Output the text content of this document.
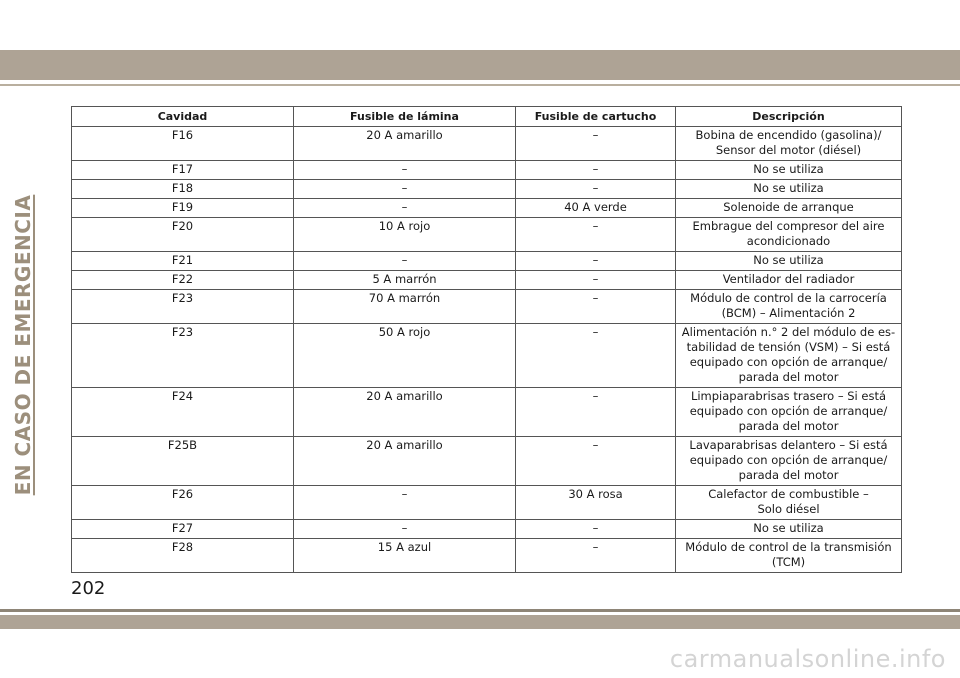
EN CASO DE EMERGENCIA
Cavidad	Fusible de lámina	Fusible de cartucho	Descripción
F16	20 A amarillo	–	Bobina de encendido (gasolina)/
Sensor del motor (diésel)
F17	–	–	No se utiliza
F18	–	–	No se utiliza
F19	–	40 A verde	Solenoide de arranque
F20	10 A rojo	–	Embrague del compresor del aire
acondicionado
F21	–	–	No se utiliza
F22	5 A marrón	–	Ventilador del radiador
F23	70 A marrón	–	Módulo de control de la carrocería
(BCM) – Alimentación 2
F23	50 A rojo	–	Alimentación n.° 2 del módulo de es-
tabilidad de tensión (VSM) – Si está
equipado con opción de arranque/
parada del motor
F24	20 A amarillo	–	Limpiaparabrisas trasero – Si está
equipado con opción de arranque/
parada del motor
F25B	20 A amarillo	–	Lavaparabrisas delantero – Si está
equipado con opción de arranque/
parada del motor
F26	–	30 A rosa	Calefactor de combustible –
Solo diésel
F27	–	–	No se utiliza
F28	15 A azul	–	Módulo de control de la transmisión
(TCM)
202
carmanualsonline.info
